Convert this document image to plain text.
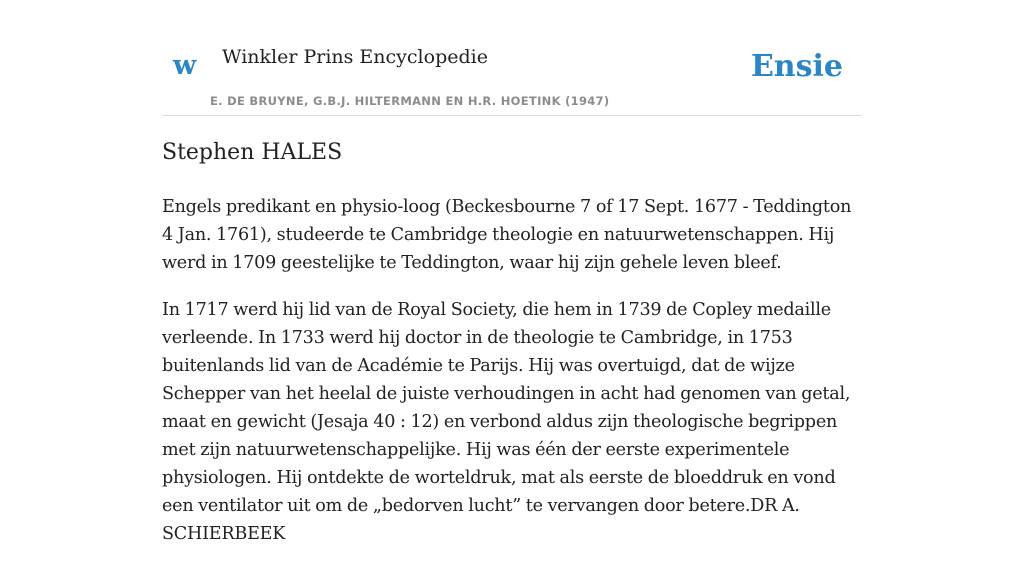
w Winkler Prins Encyclopedie
E. DE BRUYNE, G.B.J. HILTERMANN EN H.R. HOETINK (1947)
Ensie
Stephen HALES

Engels predikant en physio-loog (Beckesbourne 7 of 17 Sept. 1677 - Teddington 4 Jan. 1761), studeerde te Cambridge theologie en natuurwetenschappen. Hij werd in 1709 geestelijke te Teddington, waar hij zijn gehele leven bleef.

In 1717 werd hij lid van de Royal Society, die hem in 1739 de Copley medaille verleende. In 1733 werd hij doctor in de theologie te Cambridge, in 1753 buitenlands lid van de Académie te Parijs. Hij was overtuigd, dat de wijze Schepper van het heelal de juiste verhoudingen in acht had genomen van getal, maat en gewicht (Jesaja 40 : 12) en verbond aldus zijn theologische begrippen met zijn natuurwetenschappelijke. Hij was één der eerste experimentele physiologen. Hij ontdekte de worteldruk, mat als eerste de bloeddruk en vond een ventilator uit om de „bedorven lucht” te vervangen door betere.DR A. SCHIERBEEK
